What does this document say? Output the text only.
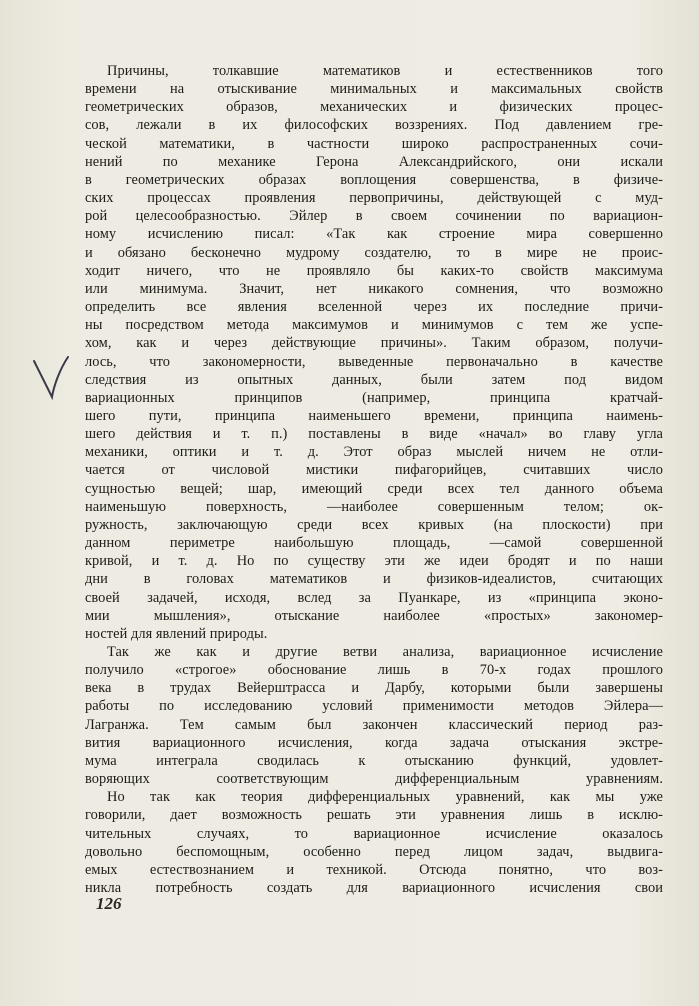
Причины, толкавшие математиков и естественников того
времени на отыскивание минимальных и максимальных свойств
геометрических образов, механических и физических процес-
сов, лежали в их философских воззрениях. Под давлением гре-
ческой математики, в частности широко распространенных сочи-
нений по механике Герона Александрийского, они искали
в геометрических образах воплощения совершенства, в физиче-
ских процессах проявления первопричины, действующей с муд-
рой целесообразностью. Эйлер в своем сочинении по вариацион-
ному исчислению писал: «Так как строение мира совершенно
и обязано бесконечно мудрому создателю, то в мире не проис-
ходит ничего, что не проявляло бы каких-то свойств максимума
или минимума. Значит, нет никакого сомнения, что возможно
определить все явления вселенной через их последние причи-
ны посредством метода максимумов и минимумов с тем же успе-
хом, как и через действующие причины». Таким образом, получи-
лось, что закономерности, выведенные первоначально в качестве
следствия из опытных данных, были затем под видом
вариационных принципов (например, принципа кратчай-
шего пути, принципа наименьшего времени, принципа наимень-
шего действия и т. п.) поставлены в виде «начал» во главу угла
механики, оптики и т. д. Этот образ мыслей ничем не отли-
чается от числовой мистики пифагорийцев, считавших число
сущностью вещей; шар, имеющий среди всех тел данного объема
наименьшую поверхность, —наиболее совершенным телом; ок-
ружность, заключающую среди всех кривых (на плоскости) при
данном периметре наибольшую площадь, —самой совершенной
кривой, и т. д. Но по существу эти же идеи бродят и по наши
дни в головах математиков и физиков-идеалистов, считающих
своей задачей, исходя, вслед за Пуанкаре, из «принципа эконо-
мии мышления», отыскание наиболее «простых» закономер-
ностей для явлений природы.

Так же как и другие ветви анализа, вариационное исчисление
получило «строгое» обоснование лишь в 70-х годах прошлого
века в трудах Вейерштрасса и Дарбу, которыми были завершены
работы по исследованию условий применимости методов Эйлера—
Лагранжа. Тем самым был закончен классический период раз-
вития вариационного исчисления, когда задача отыскания экстре-
мума интеграла сводилась к отысканию функций, удовлет-
воряющих соответствующим дифференциальным уравнениям.

Но так как теория дифференциальных уравнений, как мы уже
говорили, дает возможность решать эти уравнения лишь в исклю-
чительных случаях, то вариационное исчисление оказалось
довольно беспомощным, особенно перед лицом задач, выдвига-
емых естествознанием и техникой. Отсюда понятно, что воз-
никла потребность создать для вариационного исчисления свои

126
